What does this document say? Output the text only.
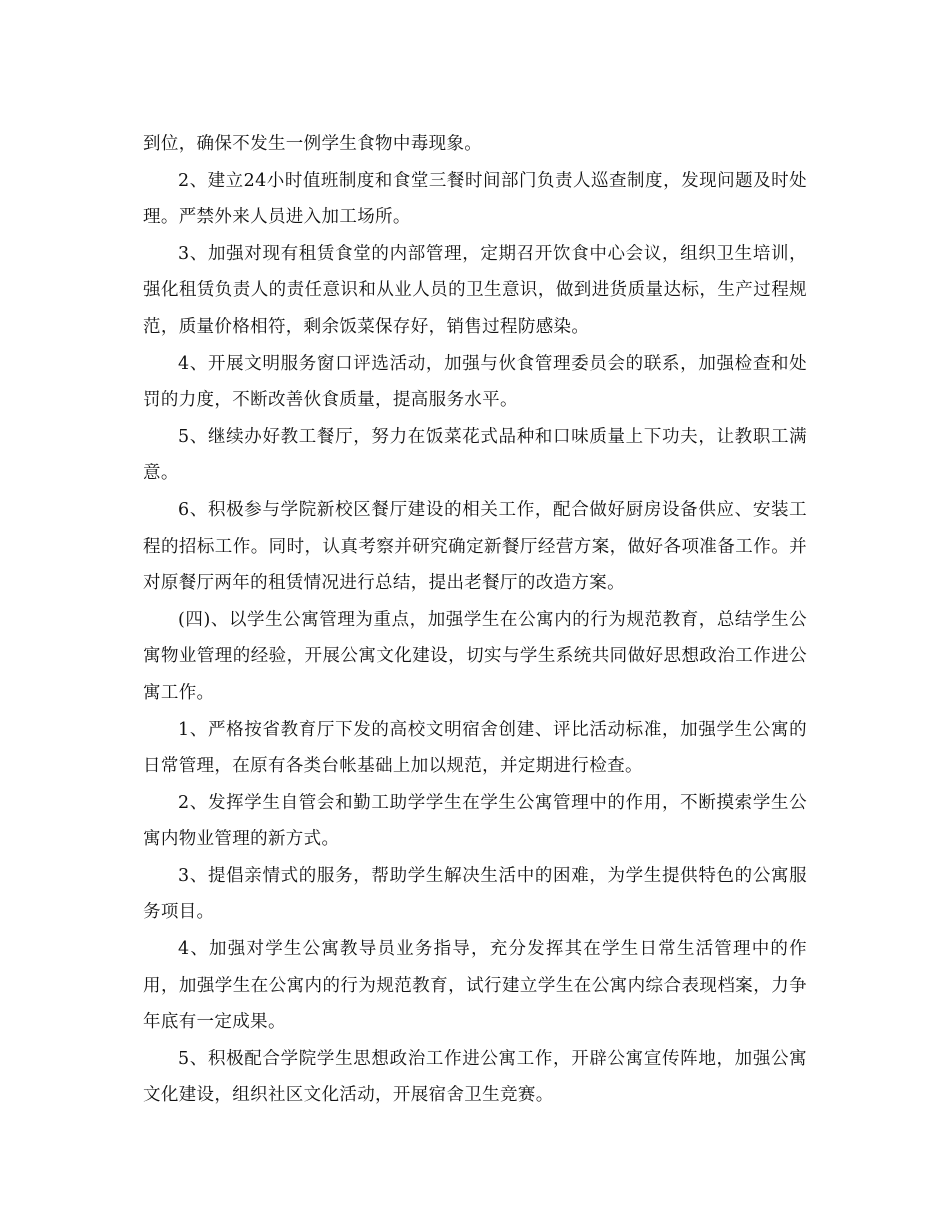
到位，确保不发生一例学生食物中毒现象。

2、建立24小时值班制度和食堂三餐时间部门负责人巡查制度，发现问题及时处理。严禁外来人员进入加工场所。

3、加强对现有租赁食堂的内部管理，定期召开饮食中心会议，组织卫生培训，强化租赁负责人的责任意识和从业人员的卫生意识，做到进货质量达标，生产过程规范，质量价格相符，剩余饭菜保存好，销售过程防感染。

4、开展文明服务窗口评选活动，加强与伙食管理委员会的联系，加强检查和处罚的力度，不断改善伙食质量，提高服务水平。

5、继续办好教工餐厅，努力在饭菜花式品种和口味质量上下功夫，让教职工满意。

6、积极参与学院新校区餐厅建设的相关工作，配合做好厨房设备供应、安装工程的招标工作。同时，认真考察并研究确定新餐厅经营方案，做好各项准备工作。并对原餐厅两年的租赁情况进行总结，提出老餐厅的改造方案。

(四)、以学生公寓管理为重点，加强学生在公寓内的行为规范教育，总结学生公寓物业管理的经验，开展公寓文化建设，切实与学生系统共同做好思想政治工作进公寓工作。

1、严格按省教育厅下发的高校文明宿舍创建、评比活动标准，加强学生公寓的日常管理，在原有各类台帐基础上加以规范，并定期进行检查。

2、发挥学生自管会和勤工助学学生在学生公寓管理中的作用，不断摸索学生公寓内物业管理的新方式。

3、提倡亲情式的服务，帮助学生解决生活中的困难，为学生提供特色的公寓服务项目。

4、加强对学生公寓教导员业务指导，充分发挥其在学生日常生活管理中的作用，加强学生在公寓内的行为规范教育，试行建立学生在公寓内综合表现档案，力争年底有一定成果。

5、积极配合学院学生思想政治工作进公寓工作，开辟公寓宣传阵地，加强公寓文化建设，组织社区文化活动，开展宿舍卫生竞赛。
